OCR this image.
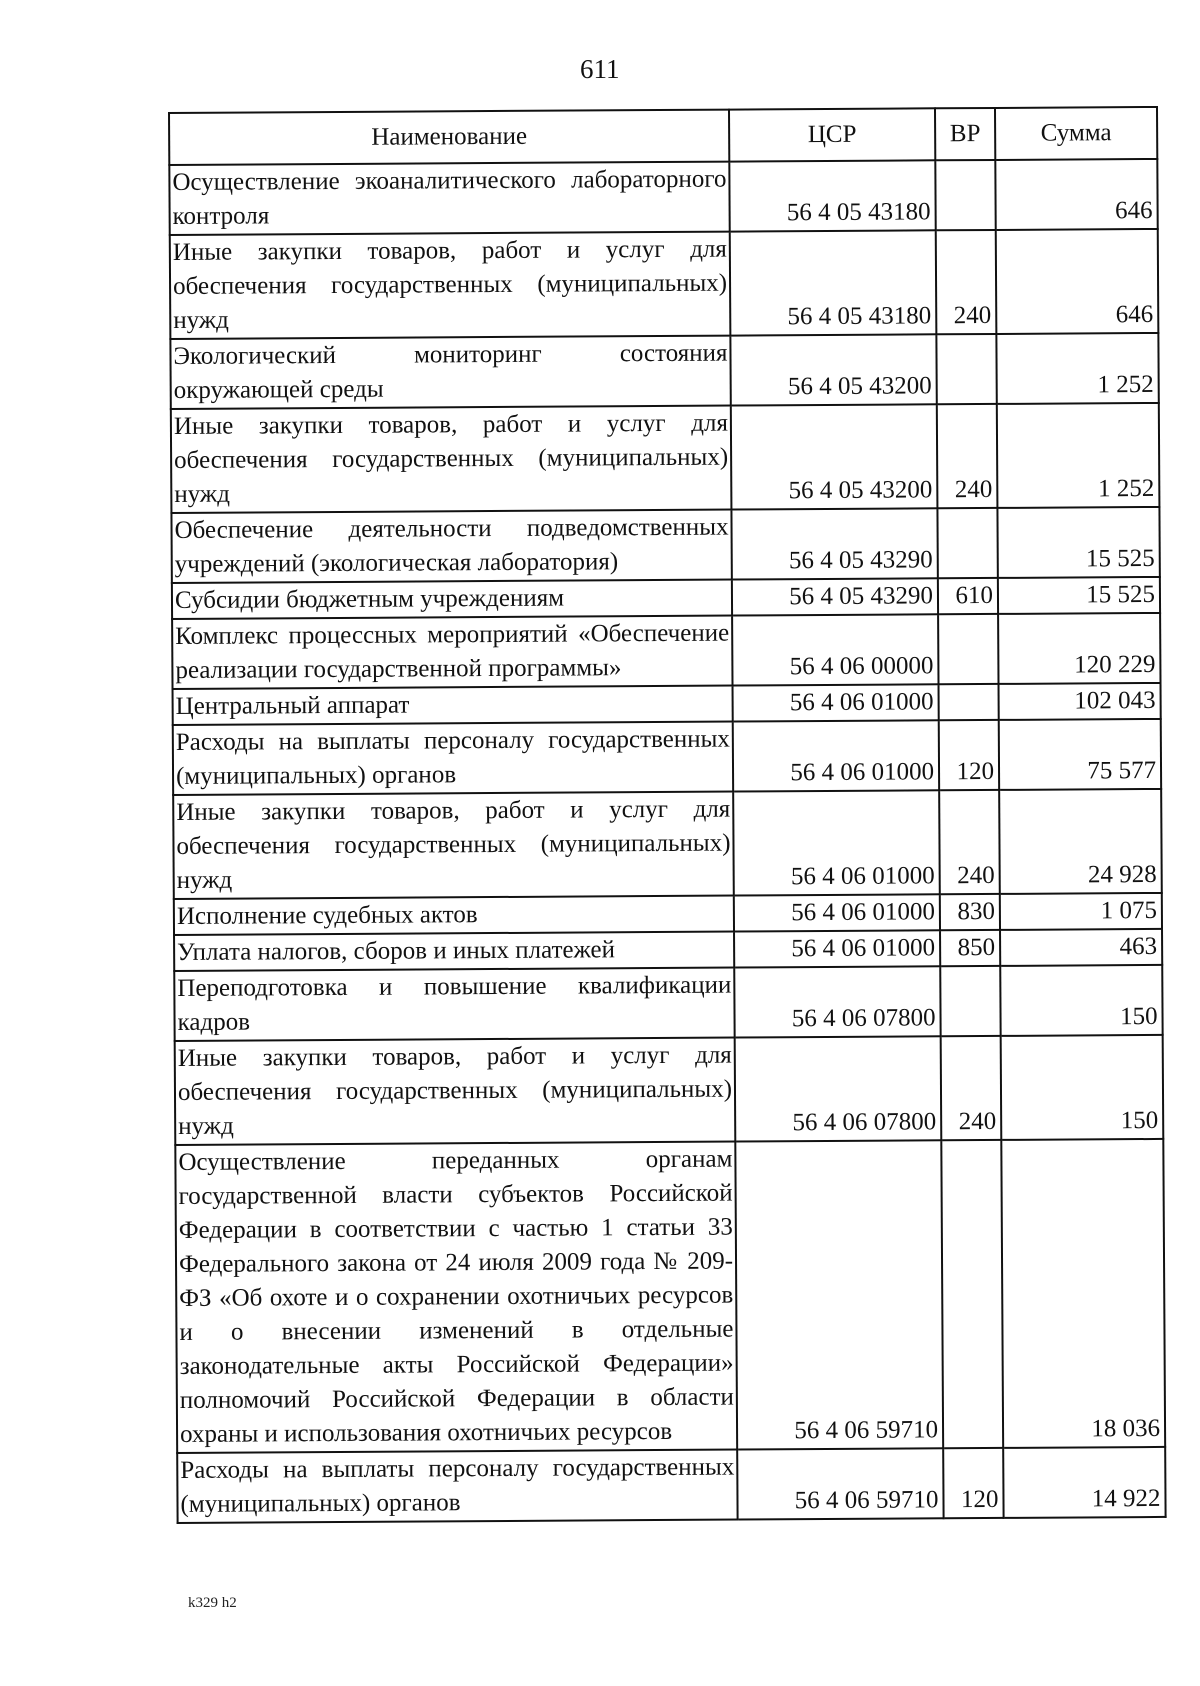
611
Наименование	ЦСР	ВР	Сумма
Осуществление экоаналитического лабораторного контроля	56 4 05 43180		646
Иные закупки товаров, работ и услуг для обеспечения государственных (муниципальных) нужд	56 4 05 43180	240	646
Экологический мониторинг состояния окружающей среды	56 4 05 43200		1 252
Иные закупки товаров, работ и услуг для обеспечения государственных (муниципальных) нужд	56 4 05 43200	240	1 252
Обеспечение деятельности подведомственных учреждений (экологическая лаборатория)	56 4 05 43290		15 525
Субсидии бюджетным учреждениям	56 4 05 43290	610	15 525
Комплекс процессных мероприятий «Обеспечение реализации государственной программы»	56 4 06 00000		120 229
Центральный аппарат	56 4 06 01000		102 043
Расходы на выплаты персоналу государственных (муниципальных) органов	56 4 06 01000	120	75 577
Иные закупки товаров, работ и услуг для обеспечения государственных (муниципальных) нужд	56 4 06 01000	240	24 928
Исполнение судебных актов	56 4 06 01000	830	1 075
Уплата налогов, сборов и иных платежей	56 4 06 01000	850	463
Переподготовка и повышение квалификации кадров	56 4 06 07800		150
Иные закупки товаров, работ и услуг для обеспечения государственных (муниципальных) нужд	56 4 06 07800	240	150
Осуществление переданных органам государственной власти субъектов Российской Федерации в соответствии с частью 1 статьи 33 Федерального закона от 24 июля 2009 года № 209-ФЗ «Об охоте и о сохранении охотничьих ресурсов и о внесении изменений в отдельные законодательные акты Российской Федерации» полномочий Российской Федерации в области охраны и использования охотничьих ресурсов	56 4 06 59710		18 036
Расходы на выплаты персоналу государственных (муниципальных) органов	56 4 06 59710	120	14 922
k329 h2
